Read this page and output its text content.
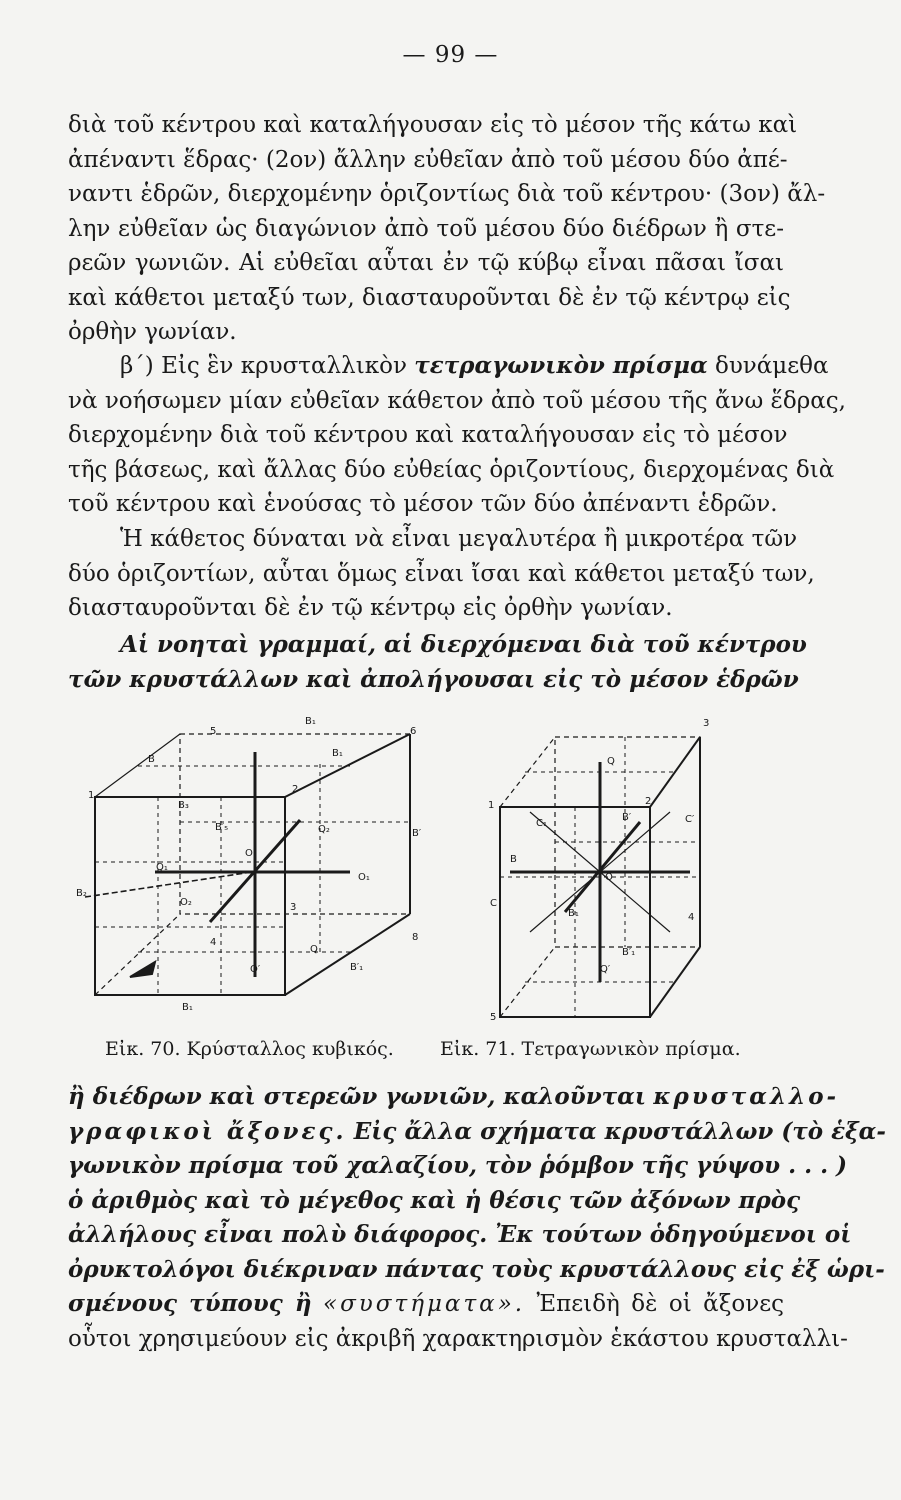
— 99 —
διὰ τοῦ κέντρου καὶ καταλήγουσαν εἰς τὸ μέσον τῆς κάτω καὶ
ἀπέναντι ἕδρας· (2ον) ἄλλην εὐθεῖαν ἀπὸ τοῦ μέσου δύο ἀπέ-
ναντι ἑδρῶν, διερχομένην ὁριζοντίως διὰ τοῦ κέντρου· (3ον) ἄλ-
λην εὐθεῖαν ὡς διαγώνιον ἀπὸ τοῦ μέσου δύο διέδρων ἢ στε-
ρεῶν γωνιῶν. Αἱ εὐθεῖαι αὗται ἐν τῷ κύβῳ εἶναι πᾶσαι ἴσαι
καὶ κάθετοι μεταξύ των, διασταυροῦνται δὲ ἐν τῷ κέντρῳ εἰς
ὀρθὴν γωνίαν.
β΄) Εἰς ἓν κρυσταλλικὸν τετραγωνικὸν πρίσμα δυνάμεθα
νὰ νοήσωμεν μίαν εὐθεῖαν κάθετον ἀπὸ τοῦ μέσου τῆς ἄνω ἕδρας,
διερχομένην διὰ τοῦ κέντρου καὶ καταλήγουσαν εἰς τὸ μέσον
τῆς βάσεως, καὶ ἄλλας δύο εὐθείας ὁριζοντίους, διερχομένας διὰ
τοῦ κέντρου καὶ ἑνούσας τὸ μέσον τῶν δύο ἀπέναντι ἑδρῶν.
Ἡ κάθετος δύναται νὰ εἶναι μεγαλυτέρα ἢ μικροτέρα τῶν
δύο ὁριζοντίων, αὗται ὅμως εἶναι ἴσαι καὶ κάθετοι μεταξύ των,
διασταυροῦνται δὲ ἐν τῷ κέντρῳ εἰς ὀρθὴν γωνίαν.
Αἱ νοηταὶ γραμμαί, αἱ διερχόμεναι διὰ τοῦ κέντρου
τῶν κρυστάλλων καὶ ἀπολήγουσαι εἰς τὸ μέσον ἑδρῶν
B
5
B₁
6
B₁
1
2
B₃
B′₅	Q₂	B′
O
Q₁
O₁
B₂
O₂	3
4	8
Q
B′₁
Q′
B₁
3
Q
1	2
B′
C₁	C′
B
O
C
B₁	4
Q′
5
B′₁
Εἰκ. 70. Κρύσταλλος κυβικός. Εἰκ. 71. Τετραγωνικὸν πρίσμα.
ἢ διέδρων καὶ στερεῶν γωνιῶν, καλοῦνται κρυσταλλο-
γραφικοὶ ἄξονες. Εἰς ἄλλα σχήματα κρυστάλλων (τὸ ἑξα-
γωνικὸν πρίσμα τοῦ χαλαζίου, τὸν ῥόμβον τῆς γύψου . . . )
ὁ ἀριθμὸς καὶ τὸ μέγεθος καὶ ἡ θέσις τῶν ἀξόνων πρὸς
ἀλλήλους εἶναι πολὺ διάφορος. Ἐκ τούτων ὁδηγούμενοι οἱ
ὀρυκτολόγοι διέκριναν πάντας τοὺς κρυστάλλους εἰς ἐξ ὡρι-
σμένους τύπους ἢ «συστήματα». Ἐπειδὴ δὲ οἱ ἄξονες
οὗτοι χρησιμεύουν εἰς ἀκριβῆ χαρακτηρισμὸν ἑκάστου κρυσταλλι-
